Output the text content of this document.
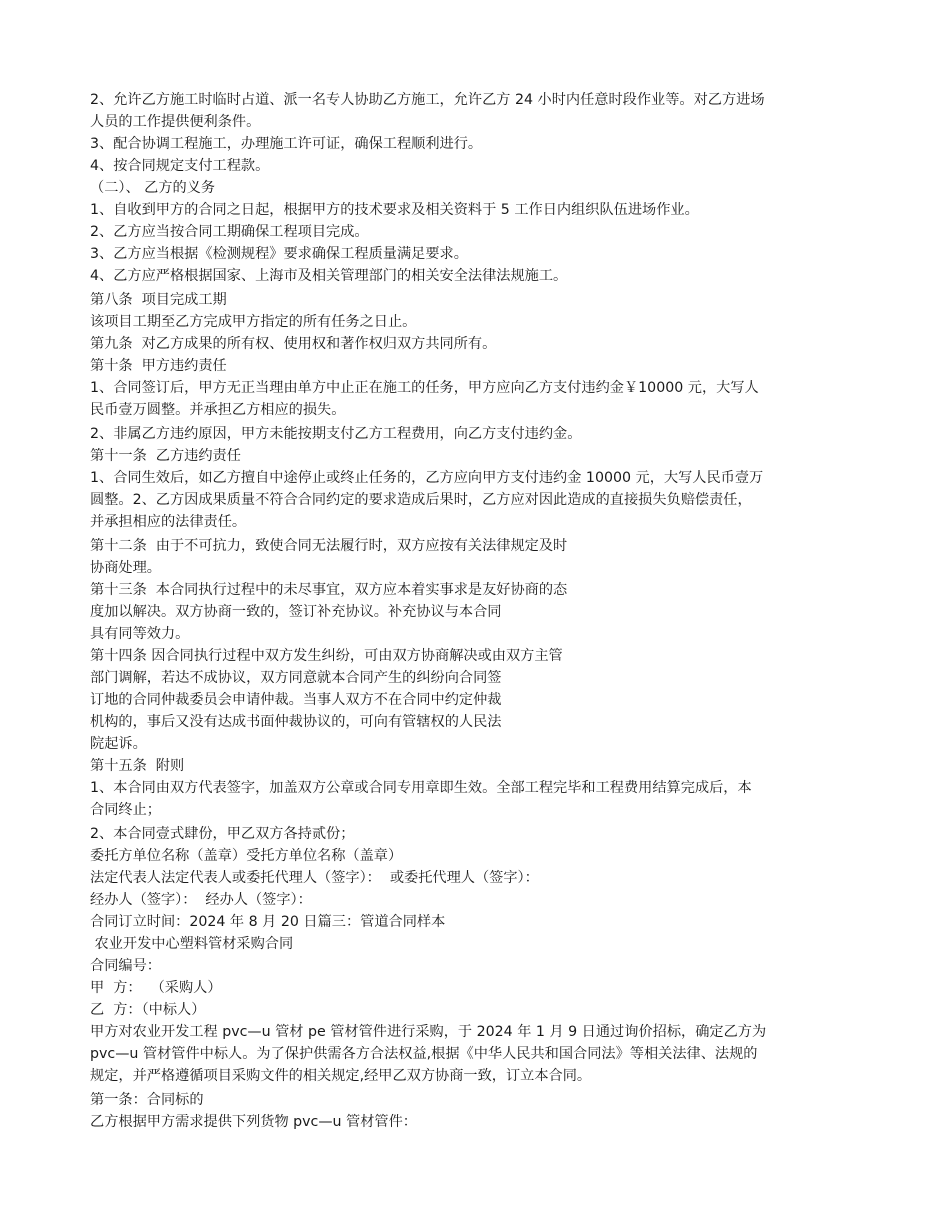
2、允许乙方施工时临时占道、派一名专人协助乙方施工，允许乙方 24 小时内任意时段作业等。对乙方进场
人员的工作提供便利条件。
3、配合协调工程施工，办理施工许可证，确保工程顺利进行。
4、按合同规定支付工程款。
（二）、 乙方的义务
1、自收到甲方的合同之日起，根据甲方的技术要求及相关资料于 5 工作日内组织队伍进场作业。
2、乙方应当按合同工期确保工程项目完成。
3、乙方应当根据《检测规程》要求确保工程质量满足要求。
4、乙方应严格根据国家、上海市及相关管理部门的相关安全法律法规施工。
第八条  项目完成工期
该项目工期至乙方完成甲方指定的所有任务之日止。
第九条  对乙方成果的所有权、使用权和著作权归双方共同所有。
第十条  甲方违约责任
1、合同签订后，甲方无正当理由单方中止正在施工的任务，甲方应向乙方支付违约金￥10000 元，大写人
民币壹万圆整。并承担乙方相应的损失。
2、非属乙方违约原因，甲方未能按期支付乙方工程费用，向乙方支付违约金。
第十一条  乙方违约责任
1、合同生效后，如乙方擅自中途停止或终止任务的，乙方应向甲方支付违约金 10000 元，大写人民币壹万
圆整。2、乙方因成果质量不符合合同约定的要求造成后果时，乙方应对因此造成的直接损失负赔偿责任，
并承担相应的法律责任。
第十二条  由于不可抗力，致使合同无法履行时，双方应按有关法律规定及时
协商处理。
第十三条  本合同执行过程中的未尽事宜，双方应本着实事求是友好协商的态
度加以解决。双方协商一致的，签订补充协议。补充协议与本合同
具有同等效力。
第十四条 因合同执行过程中双方发生纠纷，可由双方协商解决或由双方主管
部门调解，若达不成协议，双方同意就本合同产生的纠纷向合同签
订地的合同仲裁委员会申请仲裁。当事人双方不在合同中约定仲裁
机构的，事后又没有达成书面仲裁协议的，可向有管辖权的人民法
院起诉。
第十五条  附则
1、本合同由双方代表签字，加盖双方公章或合同专用章即生效。全部工程完毕和工程费用结算完成后，本
合同终止；
2、本合同壹式肆份，甲乙双方各持贰份；
委托方单位名称（盖章）受托方单位名称（盖章）
法定代表人法定代表人或委托代理人（签字）：  或委托代理人（签字）：
经办人（签字）：  经办人（签字）：
合同订立时间：2024 年 8 月 20 日篇三：管道合同样本
农业开发中心塑料管材采购合同
合同编号：
甲  方：  （采购人）
乙  方：（中标人）
甲方对农业开发工程 pvc—u 管材 pe 管材管件进行采购，于 2024 年 1 月 9 日通过询价招标，确定乙方为
pvc—u 管材管件中标人。为了保护供需各方合法权益,根据《中华人民共和国合同法》等相关法律、法规的
规定，并严格遵循项目采购文件的相关规定,经甲乙双方协商一致，订立本合同。
第一条：合同标的
乙方根据甲方需求提供下列货物 pvc—u 管材管件：
